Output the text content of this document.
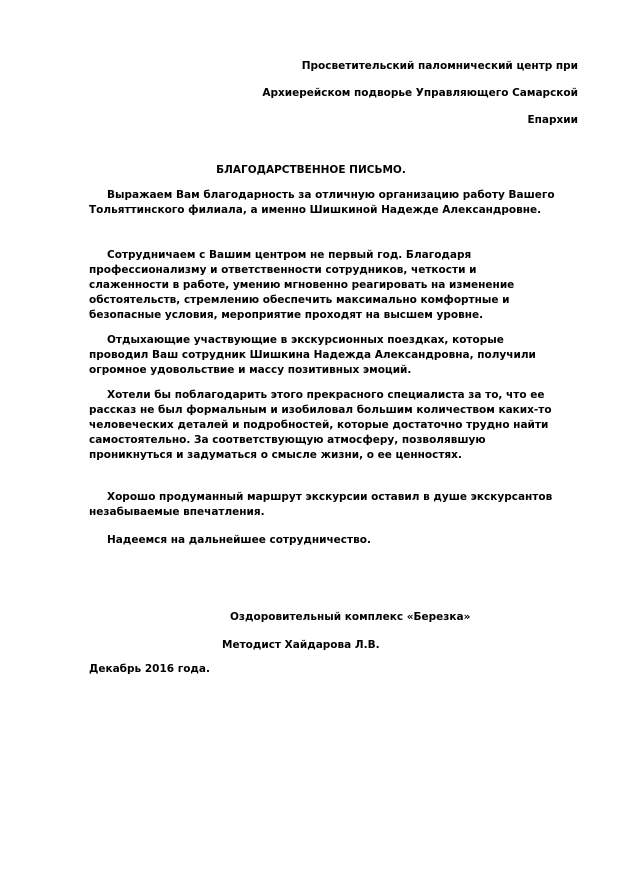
Просветительский паломнический центр при

Архиерейском подворье Управляющего Самарской

Епархии

БЛАГОДАРСТВЕННОЕ ПИСЬМО.

Выражаем Вам благодарность за отличную организацию работу Вашего Тольяттинского филиала, а именно Шишкиной Надежде Александровне.

Сотрудничаем с Вашим центром не первый год. Благодаря профессионализму и ответственности сотрудников, четкости и слаженности в работе, умению мгновенно реагировать на изменение обстоятельств, стремлению обеспечить максимально комфортные и безопасные условия, мероприятие проходят на высшем уровне.

Отдыхающие участвующие в экскурсионных поездках, которые проводил Ваш сотрудник Шишкина Надежда Александровна, получили огромное удовольствие и массу позитивных эмоций.

Хотели бы поблагодарить этого прекрасного специалиста за то, что ее рассказ не был формальным и изобиловал большим количеством каких-то человеческих деталей и подробностей, которые достаточно трудно найти самостоятельно. За соответствующую атмосферу, позволявшую проникнуться и задуматься о смысле жизни, о ее ценностях.

Хорошо продуманный маршрут экскурсии оставил в душе экскурсантов незабываемые впечатления.

Надеемся на дальнейшее сотрудничество.

Оздоровительный комплекс «Березка»

Методист Хайдарова Л.В.

Декабрь 2016 года.
